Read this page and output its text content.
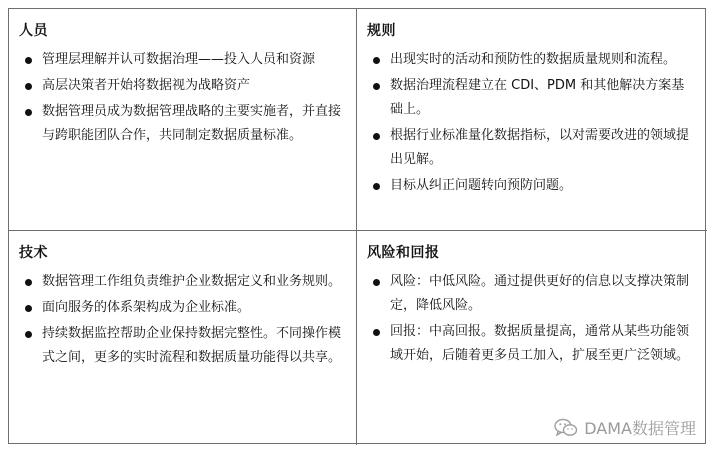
人员
管理层理解并认可数据治理——投入人员和资源
高层决策者开始将数据视为战略资产
数据管理员成为数据管理战略的主要实施者，并直接与跨职能团队合作，共同制定数据质量标准。
规则
出现实时的活动和预防性的数据质量规则和流程。
数据治理流程建立在 CDI、PDM 和其他解决方案基础上。
根据行业标准量化数据指标，以对需要改进的领域提出见解。
目标从纠正问题转向预防问题。
技术
数据管理工作组负责维护企业数据定义和业务规则。
面向服务的体系架构成为企业标准。
持续数据监控帮助企业保持数据完整性。不同操作模式之间，更多的实时流程和数据质量功能得以共享。
风险和回报
风险：中低风险。通过提供更好的信息以支撑决策制定，降低风险。
回报：中高回报。数据质量提高，通常从某些功能领域开始，后随着更多员工加入，扩展至更广泛领域。
DAMA数据管理
